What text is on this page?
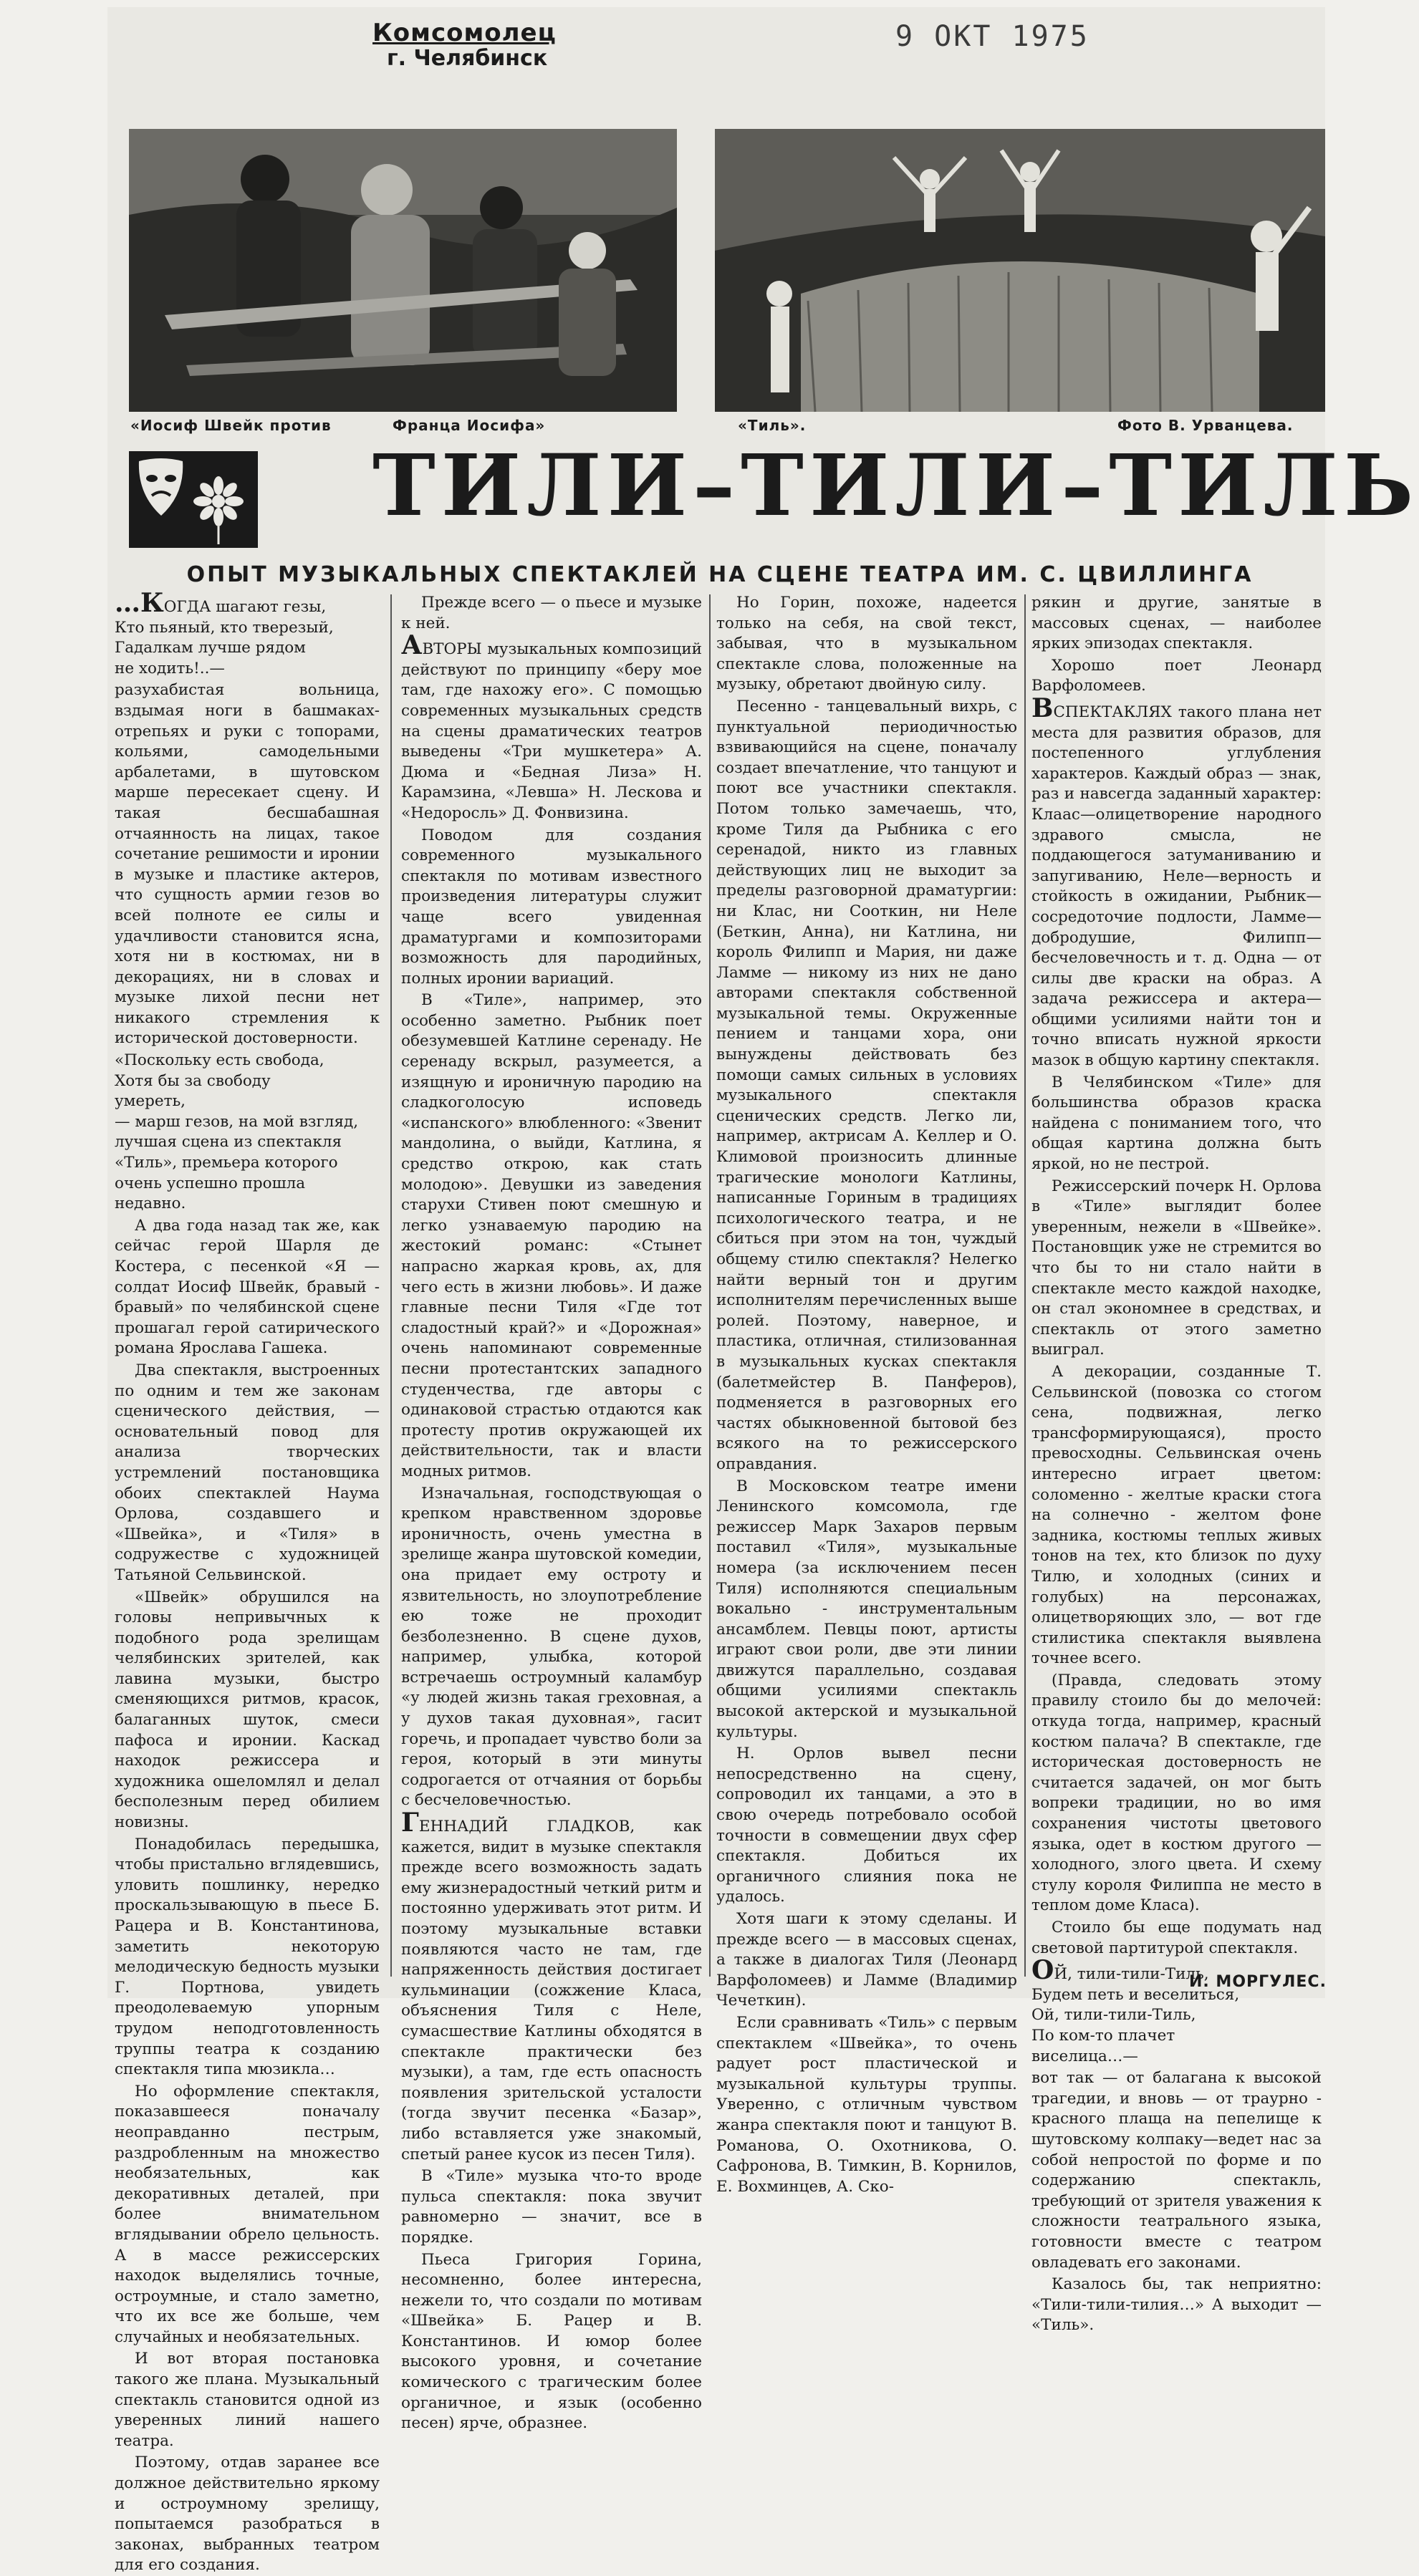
Комсомолец
г. Челябинск
9 ОКТ 1975
«Иосиф Швейк против	Франца Иосифа»	«Тиль».	Фото В. Урванцева.
ТИЛИ–ТИЛИ–ТИЛЬ
ОПЫТ МУЗЫКАЛЬНЫХ СПЕКТАКЛЕЙ НА СЦЕНЕ ТЕАТРА ИМ. С. ЦВИЛЛИНГА

…КОГДА шагают гезы,
Кто пьяный, кто тверезый,
Гадалкам лучше рядом
не ходить!..—

разухабистая вольница, вздымая ноги в башмаках-отрепьях и руки с топорами, кольями, самодельными арбалетами, в шутовском марше пересекает сцену. И такая бесшабашная отчаянность на лицах, такое сочетание решимости и иронии в музыке и пластике актеров, что сущность армии гезов во всей полноте ее силы и удачливости становится ясна, хотя ни в костюмах, ни в декорациях, ни в словах и музыке лихой песни нет никакого стремления к исторической достоверности.

«Поскольку есть свобода,
Хотя бы за свободу
умереть,
— марш гезов, на мой взгляд, лучшая сцена из спектакля «Тиль», премьера которого очень успешно прошла недавно.

А два года назад так же, как сейчас герой Шарля де Костера, с песенкой «Я — солдат Иосиф Швейк, бравый - бравый» по челябинской сцене прошагал герой сатирического романа Ярослава Гашека.

Два спектакля, выстроенных по одним и тем же законам сценического действия, — основательный повод для анализа творческих устремлений постановщика обоих спектаклей Наума Орлова, создавшего и «Швейка», и «Тиля» в содружестве с художницей Татьяной Сельвинской.

«Швейк» обрушился на головы непривычных к подобного рода зрелищам челябинских зрителей, как лавина музыки, быстро сменяющихся ритмов, красок, балаганных шуток, смеси пафоса и иронии. Каскад находок режиссера и художника ошеломлял и делал бесполезным перед обилием новизны.

Понадобилась передышка, чтобы пристально вглядевшись, уловить пошлинку, нередко проскальзывающую в пьесе Б. Рацера и В. Константинова, заметить некоторую мелодическую бедность музыки Г. Портнова, увидеть преодолеваемую упорным трудом неподготовленность труппы театра к созданию спектакля типа мюзикла…

Но оформление спектакля, показавшееся поначалу неоправданно пестрым, раздробленным на множество необязательных, как декоративных деталей, при более внимательном вглядывании обрело цельность. А в массе режиссерских находок выделялись точные, остроумные, и стало заметно, что их все же больше, чем случайных и необязательных.

И вот вторая постановка такого же плана. Музыкальный спектакль становится одной из уверенных линий нашего театра.

Поэтому, отдав заранее все должное действительно яркому и остроумному зрелищу, попытаемся разобраться в законах, выбранных театром для его создания.

Прежде всего — о пьесе и музыке к ней.

АВТОРЫ музыкальных композиций действуют по принципу «беру мое там, где нахожу его». С помощью современных музыкальных средств на сцены драматических театров выведены «Три мушкетера» А. Дюма и «Бедная Лиза» Н. Карамзина, «Левша» Н. Лескова и «Недоросль» Д. Фонвизина.

Поводом для создания современного музыкального спектакля по мотивам известного произведения литературы служит чаще всего увиденная драматургами и композиторами возможность для пародийных, полных иронии вариаций.

В «Тиле», например, это особенно заметно. Рыбник поет обезумевшей Катлине серенаду. Не серенаду вскрыл, разумеется, а изящную и ироничную пародию на сладкоголосую исповедь «испанского» влюбленного: «Звенит мандолина, о выйди, Катлина, я средство открою, как стать молодою». Девушки из заведения старухи Стивен поют смешную и легко узнаваемую пародию на жестокий романс: «Стынет напрасно жаркая кровь, ах, для чего есть в жизни любовь». И даже главные песни Тиля «Где тот сладостный край?» и «Дорожная» очень напоминают современные песни протестантских западного студенчества, где авторы с одинаковой страстью отдаются как протесту против окружающей их действительности, так и власти модных ритмов.

Изначальная, господствующая о крепком нравственном здоровье ироничность, очень уместна в зрелище жанра шутовской комедии, она придает ему остроту и язвительность, но злоупотребление ею тоже не проходит безболезненно. В сцене духов, например, улыбка, которой встречаешь остроумный каламбур «у людей жизнь такая греховная, а у духов такая духовная», гасит горечь, и пропадает чувство боли за героя, который в эти минуты содрогается от отчаяния от борьбы с бесчеловечностью.

ГЕННАДИЙ ГЛАДКОВ, как кажется, видит в музыке спектакля прежде всего возможность задать ему жизнерадостный четкий ритм и постоянно удерживать этот ритм. И поэтому музыкальные вставки появляются часто не там, где напряженность действия достигает кульминации (сожжение Класа, объяснения Тиля с Неле, сумасшествие Катлины обходятся в спектакле практически без музыки), а там, где есть опасность появления зрительской усталости (тогда звучит песенка «Базар», либо вставляется уже знакомый, спетый ранее кусок из песен Тиля).

В «Тиле» музыка что-то вроде пульса спектакля: пока звучит равномерно — значит, все в порядке.

Пьеса Григория Горина, несомненно, более интересна, нежели то, что создали по мотивам «Швейка» Б. Рацер и В. Константинов. И юмор более высокого уровня, и сочетание комического с трагическим более органичное, и язык (особенно песен) ярче, образнее.

Но Горин, похоже, надеется только на себя, на свой текст, забывая, что в музыкальном спектакле слова, положенные на музыку, обретают двойную силу.

Песенно - танцевальный вихрь, с пунктуальной периодичностью взвивающийся на сцене, поначалу создает впечатление, что танцуют и поют все участники спектакля. Потом только замечаешь, что, кроме Тиля да Рыбника с его серенадой, никто из главных действующих лиц не выходит за пределы разговорной драматургии: ни Клас, ни Сооткин, ни Неле (Беткин, Анна), ни Катлина, ни король Филипп и Мария, ни даже Ламме — никому из них не дано авторами спектакля собственной музыкальной темы. Окруженные пением и танцами хора, они вынуждены действовать без помощи самых сильных в условиях музыкального спектакля сценических средств. Легко ли, например, актрисам А. Келлер и О. Климовой произносить длинные трагические монологи Катлины, написанные Гориным в традициях психологического театра, и не сбиться при этом на тон, чуждый общему стилю спектакля? Нелегко найти верный тон и другим исполнителям перечисленных выше ролей. Поэтому, наверное, и пластика, отличная, стилизованная в музыкальных кусках спектакля (балетмейстер В. Панферов), подменяется в разговорных его частях обыкновенной бытовой без всякого на то режиссерского оправдания.

В Московском театре имени Ленинского комсомола, где режиссер Марк Захаров первым поставил «Тиля», музыкальные номера (за исключением песен Тиля) исполняются специальным вокально - инструментальным ансамблем. Певцы поют, артисты играют свои роли, две эти линии движутся параллельно, создавая общими усилиями спектакль высокой актерской и музыкальной культуры.

Н. Орлов вывел песни непосредственно на сцену, сопроводил их танцами, а это в свою очередь потребовало особой точности в совмещении двух сфер спектакля. Добиться их органичного слияния пока не удалось.

Хотя шаги к этому сделаны. И прежде всего — в массовых сценах, а также в диалогах Тиля (Леонард Варфоломеев) и Ламме (Владимир Чечеткин).

Если сравнивать «Тиль» с первым спектаклем «Швейка», то очень радует рост пластической и музыкальной культуры труппы. Уверенно, с отличным чувством жанра спектакля поют и танцуют В. Романова, О. Охотникова, О. Сафронова, В. Тимкин, В. Корнилов, Е. Вохминцев, А. Ско-

рякин и другие, занятые в массовых сценах, — наиболее ярких эпизодах спектакля.

Хорошо поет Леонард Варфоломеев.

ВСПЕКТАКЛЯХ такого плана нет места для развития образов, для постепенного углубления характеров. Каждый образ — знак, раз и навсегда заданный характер: Клаас—олицетворение народного здравого смысла, не поддающегося затуманиванию и запугиванию, Неле—верность и стойкость в ожидании, Рыбник—сосредоточие подлости, Ламме—добродушие, Филипп—бесчеловечность и т. д. Одна — от силы две краски на образ. А задача режиссера и актера—общими усилиями найти тон и точно вписать нужной яркости мазок в общую картину спектакля.

В Челябинском «Тиле» для большинства образов краска найдена с пониманием того, что общая картина должна быть яркой, но не пестрой.

Режиссерский почерк Н. Орлова в «Тиле» выглядит более уверенным, нежели в «Швейке». Постановщик уже не стремится во что бы то ни стало найти в спектакле место каждой находке, он стал экономнее в средствах, и спектакль от этого заметно выиграл.

А декорации, созданные Т. Сельвинской (повозка со стогом сена, подвижная, легко трансформирующаяся), просто превосходны. Сельвинская очень интересно играет цветом: соломенно - желтые краски стога на солнечно - желтом фоне задника, костюмы теплых живых тонов на тех, кто близок по духу Тилю, и холодных (синих и голубых) на персонажах, олицетворяющих зло, — вот где стилистика спектакля выявлена точнее всего.

(Правда, следовать этому правилу стоило бы до мелочей: откуда тогда, например, красный костюм палача? В спектакле, где историческая достоверность не считается задачей, он мог быть вопреки традиции, но во имя сохранения чистоты цветового языка, одет в костюм другого — холодного, злого цвета. И схему стулу короля Филиппа не место в теплом доме Класа).

Стоило бы еще подумать над световой партитурой спектакля.

ОЙ, тили-тили-Тиль,
Будем петь и веселиться,
Ой, тили-тили-Тиль,
По ком-то плачет
виселица…—

вот так — от балагана к высокой трагедии, и вновь — от траурно - красного плаща на пепелище к шутовскому колпаку—ведет нас за собой непростой по форме и по содержанию спектакль, требующий от зрителя уважения к сложности театрального языка, готовности вместе с театром овладевать его законами.

Казалось бы, так неприятно: «Тили-тили-тилия…» А выходит — «Тиль».

И. МОРГУЛЕС.
